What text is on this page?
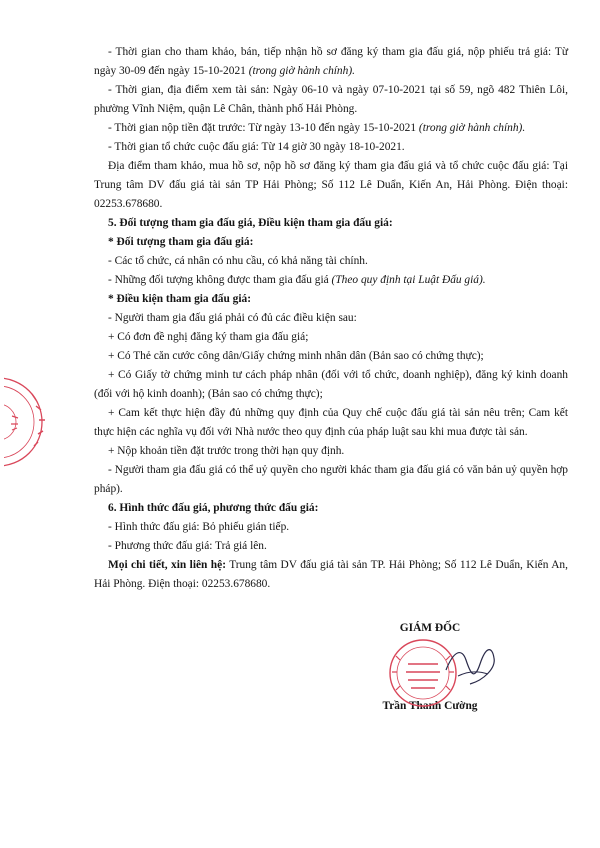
- Thời gian cho tham khảo, bán, tiếp nhận hồ sơ đăng ký tham gia đấu giá, nộp phiếu trả giá: Từ ngày 30-09 đến ngày 15-10-2021 (trong giờ hành chính).

- Thời gian, địa điểm xem tài sản: Ngày 06-10 và ngày 07-10-2021 tại số 59, ngõ 482 Thiên Lôi, phường Vĩnh Niệm, quận Lê Chân, thành phố Hải Phòng.

- Thời gian nộp tiền đặt trước: Từ ngày 13-10 đến ngày 15-10-2021 (trong giờ hành chính).

- Thời gian tổ chức cuộc đấu giá: Từ 14 giờ 30 ngày 18-10-2021.

Địa điểm tham khảo, mua hồ sơ, nộp hồ sơ đăng ký tham gia đấu giá và tổ chức cuộc đấu giá: Tại Trung tâm DV đấu giá tài sản TP Hải Phòng; Số 112 Lê Duẩn, Kiến An, Hải Phòng. Điện thoại: 02253.678680.

5. Đối tượng tham gia đấu giá, Điều kiện tham gia đấu giá:

* Đối tượng tham gia đấu giá:

- Các tổ chức, cá nhân có nhu cầu, có khả năng tài chính.

- Những đối tượng không được tham gia đấu giá (Theo quy định tại Luật Đấu giá).

* Điều kiện tham gia đấu giá:

- Người tham gia đấu giá phải có đủ các điều kiện sau:

+ Có đơn đề nghị đăng ký tham gia đấu giá;

+ Có Thẻ căn cước công dân/Giấy chứng minh nhân dân (Bản sao có chứng thực);

+ Có Giấy tờ chứng minh tư cách pháp nhân (đối với tổ chức, doanh nghiệp), đăng ký kinh doanh (đối với hộ kinh doanh); (Bản sao có chứng thực);

+ Cam kết thực hiện đầy đủ những quy định của Quy chế cuộc đấu giá tài sản nêu trên; Cam kết thực hiện các nghĩa vụ đối với Nhà nước theo quy định của pháp luật sau khi mua được tài sản.

+ Nộp khoản tiền đặt trước trong thời hạn quy định.

- Người tham gia đấu giá có thể uỷ quyền cho người khác tham gia đấu giá có văn bản uỷ quyền hợp pháp).

6. Hình thức đấu giá, phương thức đấu giá:

- Hình thức đấu giá: Bỏ phiếu gián tiếp.

- Phương thức đấu giá: Trả giá lên.

Mọi chi tiết, xin liên hệ: Trung tâm DV đấu giá tài sản TP. Hải Phòng; Số 112 Lê Duẩn, Kiến An, Hải Phòng. Điện thoại: 02253.678680.

GIÁM ĐỐC
Trần Thanh Cường
